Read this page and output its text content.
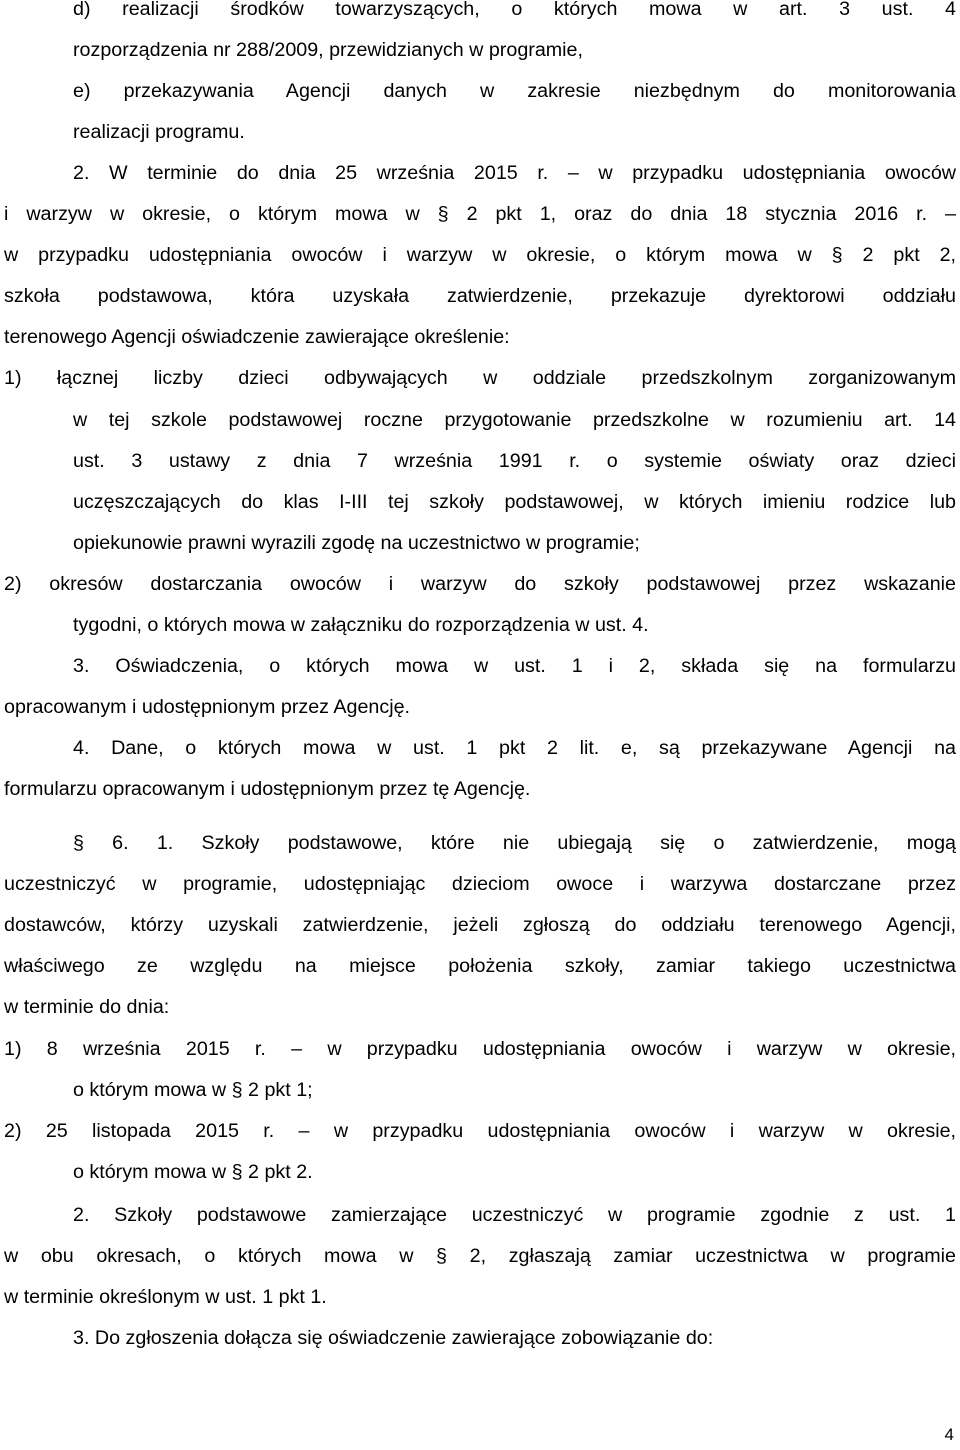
d) realizacji środków towarzyszących, o których mowa w art. 3 ust. 4
rozporządzenia nr 288/2009, przewidzianych w programie,
e) przekazywania Agencji danych w zakresie niezbędnym do monitorowania
realizacji programu.
2. W terminie do dnia 25 września 2015 r. – w przypadku udostępniania owoców
i warzyw w okresie, o którym mowa w § 2 pkt 1, oraz do dnia 18 stycznia 2016 r. –
w przypadku udostępniania owoców i warzyw w okresie, o którym mowa w § 2 pkt 2,
szkoła podstawowa, która uzyskała zatwierdzenie, przekazuje dyrektorowi oddziału
terenowego Agencji oświadczenie zawierające określenie:
1) łącznej liczby dzieci odbywających w oddziale przedszkolnym zorganizowanym
w tej szkole podstawowej roczne przygotowanie przedszkolne w rozumieniu art. 14
ust. 3 ustawy z dnia 7 września 1991 r. o systemie oświaty oraz dzieci
uczęszczających do klas I-III tej szkoły podstawowej, w których imieniu rodzice lub
opiekunowie prawni wyrazili zgodę na uczestnictwo w programie;
2) okresów dostarczania owoców i warzyw do szkoły podstawowej przez wskazanie
tygodni, o których mowa w załączniku do rozporządzenia w ust. 4.
3. Oświadczenia, o których mowa w ust. 1 i 2, składa się na formularzu
opracowanym i udostępnionym przez Agencję.
4. Dane, o których mowa w ust. 1 pkt 2 lit. e, są przekazywane Agencji na
formularzu opracowanym i udostępnionym przez tę Agencję.
§ 6. 1. Szkoły podstawowe, które nie ubiegają się o zatwierdzenie, mogą
uczestniczyć w programie, udostępniając dzieciom owoce i warzywa dostarczane przez
dostawców, którzy uzyskali zatwierdzenie, jeżeli zgłoszą do oddziału terenowego Agencji,
właściwego ze względu na miejsce położenia szkoły, zamiar takiego uczestnictwa
w terminie do dnia:
1) 8 września 2015 r. – w przypadku udostępniania owoców i warzyw w okresie,
o którym mowa w § 2 pkt 1;
2) 25 listopada 2015 r. – w przypadku udostępniania owoców i warzyw w okresie,
o którym mowa w § 2 pkt 2.
2. Szkoły podstawowe zamierzające uczestniczyć w programie zgodnie z ust. 1
w obu okresach, o których mowa w § 2, zgłaszają zamiar uczestnictwa w programie
w terminie określonym w ust. 1 pkt 1.
3. Do zgłoszenia dołącza się oświadczenie zawierające zobowiązanie do:
4
